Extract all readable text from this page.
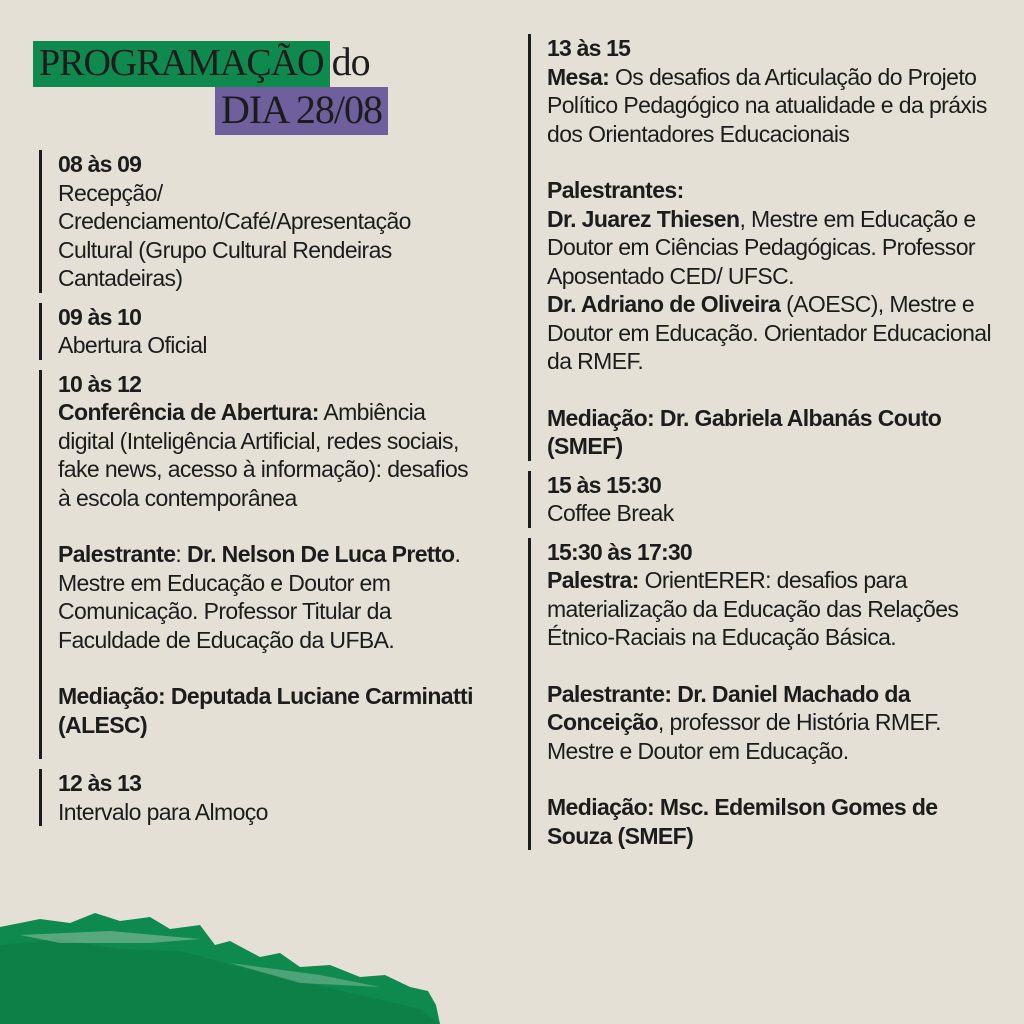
PROGRAMAÇÃO do
DIA 28/08

08 às 09

Recepção/

Credenciamento/Café/Apresentação

Cultural (Grupo Cultural Rendeiras

Cantadeiras)

09 às 10

Abertura Oficial

10 às 12

Conferência de Abertura: Ambiência digital (Inteligência Artificial, redes sociais, fake news, acesso à informação): desafios à escola contemporânea

Palestrante: Dr. Nelson De Luca Pretto. Mestre em Educação e Doutor em Comunicação. Professor Titular da Faculdade de Educação da UFBA.

Mediação: Deputada Luciane Carminatti (ALESC)

12 às 13

Intervalo para Almoço

13 às 15

Mesa: Os desafios da Articulação do Projeto Político Pedagógico na atualidade e da práxis dos Orientadores Educacionais

Palestrantes:

Dr. Juarez Thiesen, Mestre em Educação e Doutor em Ciências Pedagógicas. Professor Aposentado CED/ UFSC.

Dr. Adriano de Oliveira (AOESC), Mestre e Doutor em Educação. Orientador Educacional da RMEF.

Mediação: Dr. Gabriela Albanás Couto (SMEF)

15 às 15:30

Coffee Break

15:30 às 17:30

Palestra: OrientERER: desafios para materialização da Educação das Relações Étnico-Raciais na Educação Básica.

Palestrante: Dr. Daniel Machado da Conceição, professor de História RMEF. Mestre e Doutor em Educação.

Mediação: Msc. Edemilson Gomes de Souza (SMEF)
